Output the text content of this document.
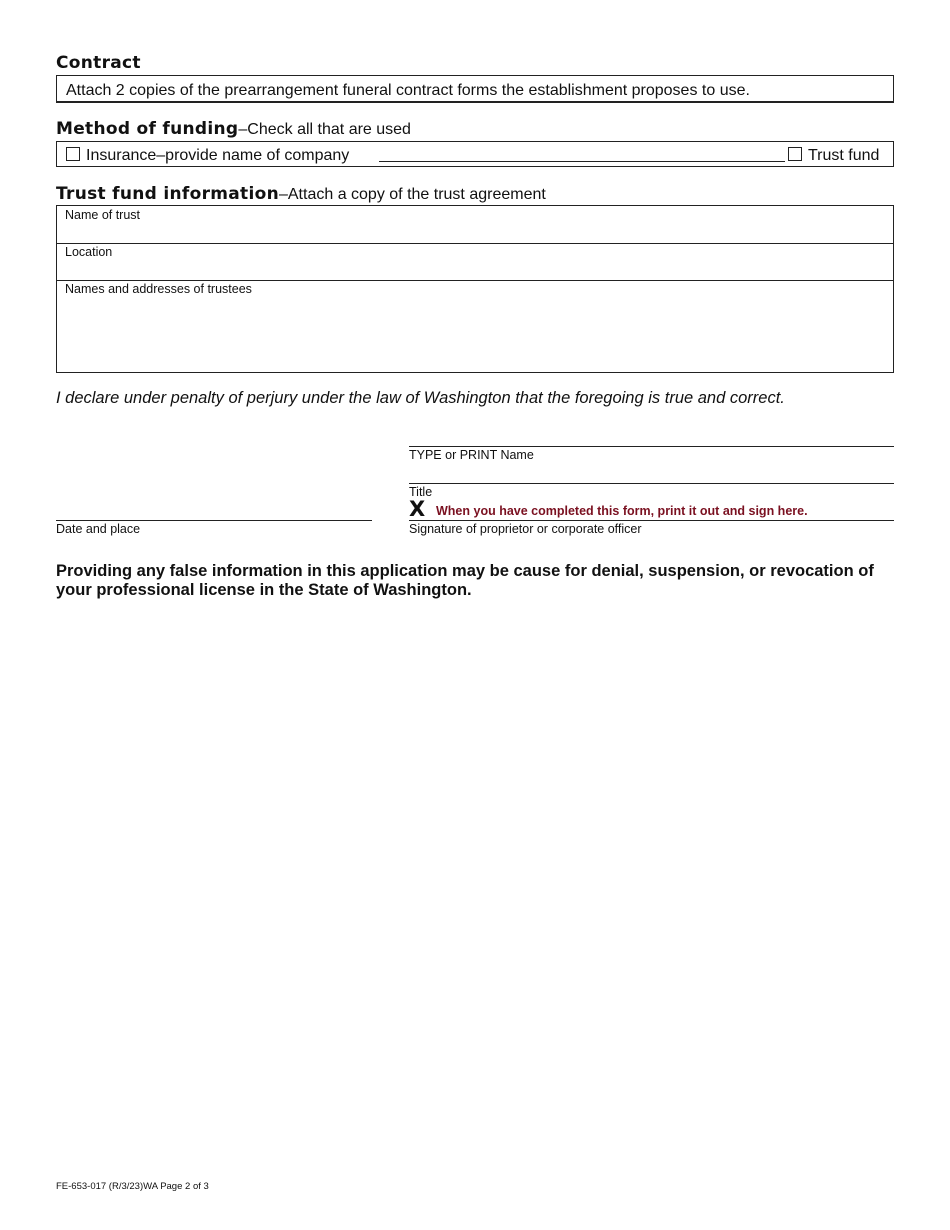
Contract
Attach 2 copies of the prearrangement funeral contract forms the establishment proposes to use.
Method of funding–Check all that are used
Insurance–provide name of company	Trust fund
Trust fund information–Attach a copy of the trust agreement
Name of trust
Location
Names and addresses of trustees
I declare under penalty of perjury under the law of Washington that the foregoing is true and correct.
TYPE or PRINT Name
Title
X When you have completed this form, print it out and sign here.
Date and place	Signature of proprietor or corporate officer
Providing any false information in this application may be cause for denial, suspension, or revocation of your professional license in the State of Washington.
FE-653-017 (R/3/23)WA Page 2 of 3
